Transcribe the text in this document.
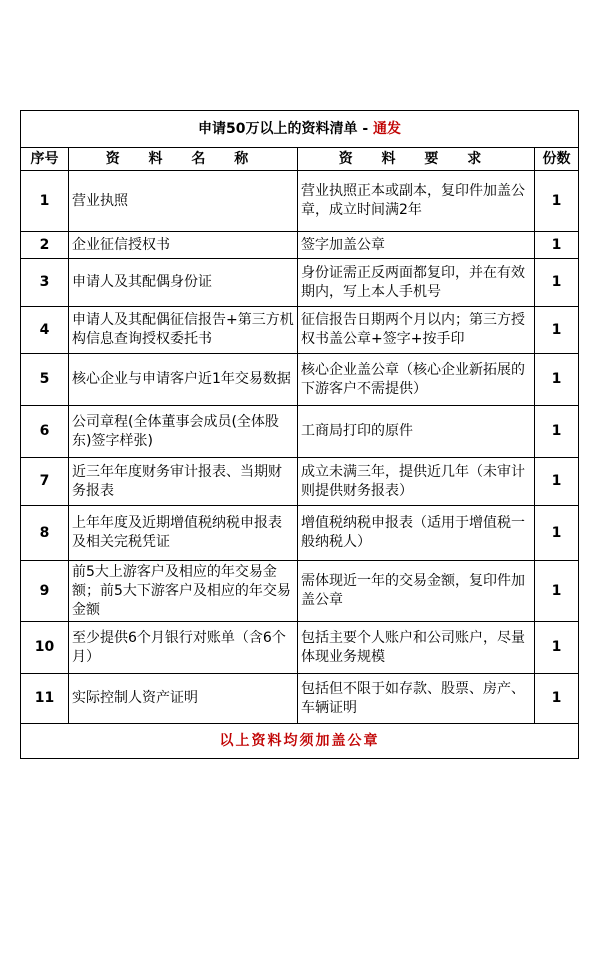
申请50万以上的资料清单 - 通发			
序号	资 料 名 称	资 料 要 求	份数
1	营业执照	营业执照正本或副本，复印件加盖公章，成立时间满2年	1
2	企业征信授权书	签字加盖公章	1
3	申请人及其配偶身份证	身份证需正反两面都复印，并在有效期内，写上本人手机号	1
4	申请人及其配偶征信报告+第三方机构信息查询授权委托书	征信报告日期两个月以内；第三方授权书盖公章+签字+按手印	1
5	核心企业与申请客户近1年交易数据	核心企业盖公章（核心企业新拓展的下游客户不需提供）	1
6	公司章程(全体董事会成员(全体股东)签字样张)	工商局打印的原件	1
7	近三年年度财务审计报表、当期财务报表	成立未满三年，提供近几年（未审计则提供财务报表）	1
8	上年年度及近期增值税纳税申报表及相关完税凭证	增值税纳税申报表（适用于增值税一般纳税人）	1
9	前5大上游客户及相应的年交易金额；前5大下游客户及相应的年交易金额	需体现近一年的交易金额，复印件加盖公章	1
10	至少提供6个月银行对账单（含6个月）	包括主要个人账户和公司账户，尽量体现业务规模	1
11	实际控制人资产证明	包括但不限于如存款、股票、房产、车辆证明	1
以上资料均须加盖公章			
